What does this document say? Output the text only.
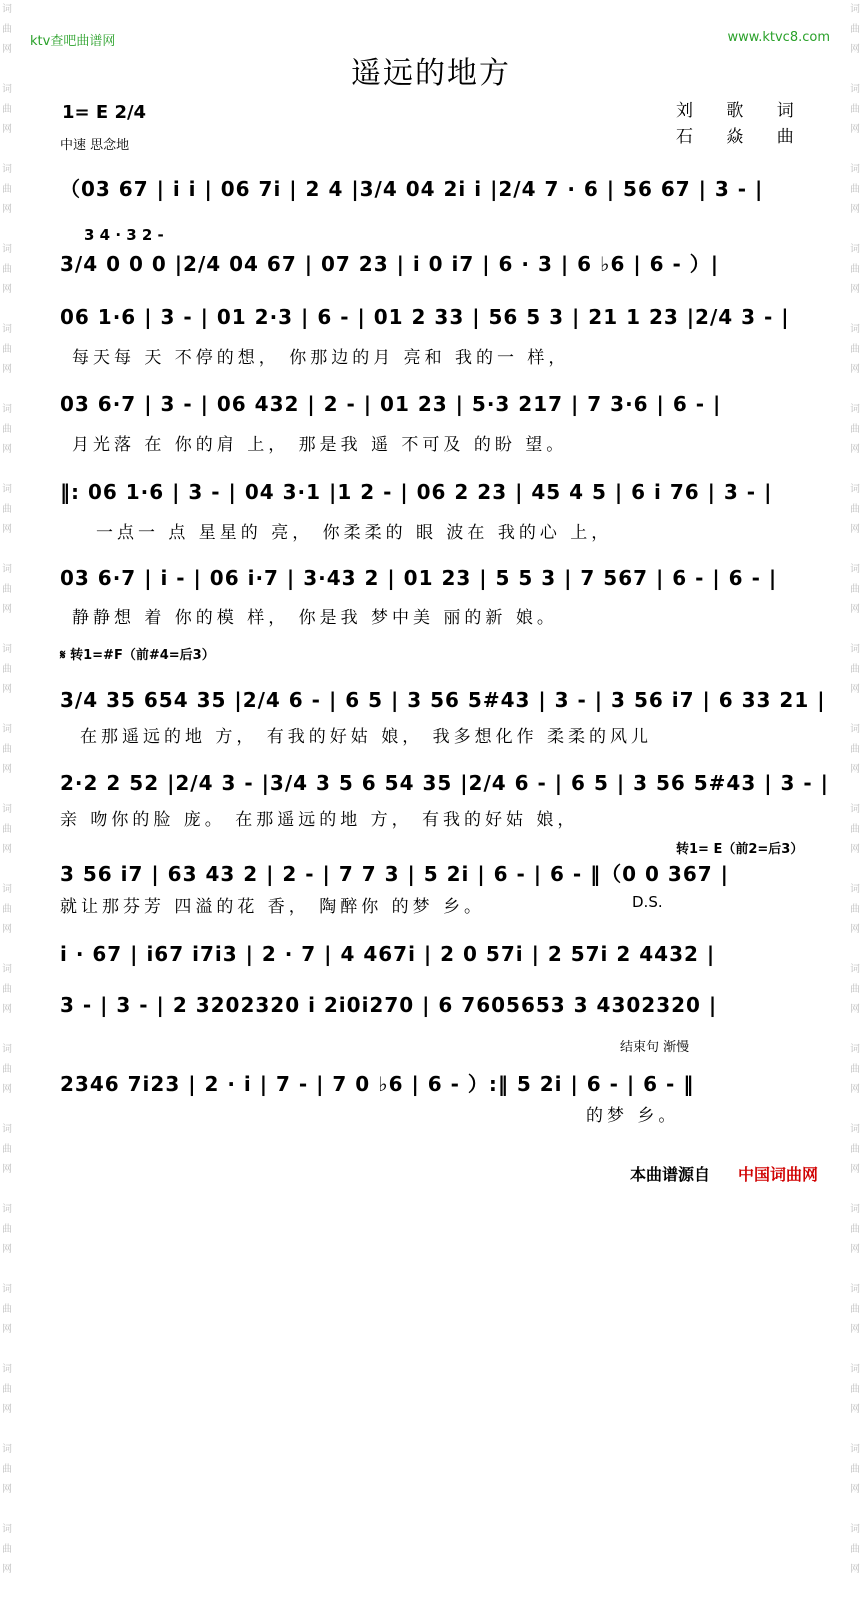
词
曲
网

词
曲
网

词
曲
网

词
曲
网

词
曲
网

词
曲
网

词
曲
网

词
曲
网

词
曲
网

词
曲
网

词
曲
网

词
曲
网

词
曲
网

词
曲
网

词
曲
网

词
曲
网

词
曲
网

词
曲
网

词
曲
网

词
曲
网

词
曲
网

词
曲
网

词
曲
网

词
曲
网

词
曲
网

词
曲
网

词
曲
网

词
曲
网

词
曲
网

词
曲
网

词
曲
网

词
曲
网

词
曲
网

词
曲
网

词
曲
网

词
曲
网

词
曲
网

词
曲
网

词
曲
网

词
曲
网

ktv查吧曲谱网	www.ktvc8.com
遥远的地方
1= E 2/4
中速 思念地
刘 歌 词
石 焱 曲
（03 67 | i i | 06 7i | 2 4 |3/4 04 2i i |2/4 7 · 6 | 56 67 | 3 - |
3 4 · 3 2 -
3/4 0 0 0 |2/4 04 67 | 07 23 | i 0 i7 | 6 · 3 | 6 ♭6 | 6 - ）|
06 1·6 | 3 - | 01 2·3 | 6 - | 01 2 33 | 56 5 3 | 21 1 23 |2/4 3 - |
每天每 天 不停的想， 你那边的月 亮和 我的一 样，
03 6·7 | 3 - | 06 432 | 2 - | 01 23 | 5·3 217 | 7 3·6 | 6 - |
月光落 在 你的肩 上， 那是我 遥 不可及 的盼 望。
‖: 06 1·6 | 3 - | 04 3·1 |1 2 - | 06 2 23 | 45 4 5 | 6 i 76 | 3 - |
一点一 点 星星的 亮， 你柔柔的 眼 波在 我的心 上，
03 6·7 | i - | 06 i·7 | 3·43 2 | 01 23 | 5 5 3 | 7 567 | 6 - | 6 - |
静静想 着 你的模 样， 你是我 梦中美 丽的新 娘。
𝄋 转1=#F（前#4=后3）
3/4 35 654 35 |2/4 6 - | 6 5 | 3 56 5#43 | 3 - | 3 56 i7 | 6 33 21 |
在那遥远的地 方， 有我的好姑 娘， 我多想化作 柔柔的风儿
2·2 2 52 |2/4 3 - |3/4 3 5 6 54 35 |2/4 6 - | 6 5 | 3 56 5#43 | 3 - |
亲 吻你的脸 庞。 在那遥远的地 方， 有我的好姑 娘，
转1= E（前2=后3）
3 56 i7 | 63 43 2 | 2 - | 7 7 3 | 5 2i | 6 - | 6 - ‖（0 0 367 |
就让那芬芳 四溢的花 香， 陶醉你 的梦 乡。	D.S.
i · 67 | i67 i7i3 | 2 · 7 | 4 467i | 2 0 57i | 2 57i 2 4432 |
3 - | 3 - | 2 3202320 i 2i0i270 | 6 7605653 3 4302320 |
结束句 渐慢
2346 7i23 | 2 · i | 7 - | 7 0 ♭6 | 6 - ）:‖ 5 2i | 6 - | 6 - ‖
的梦 乡。
本曲谱源自 中国词曲网
